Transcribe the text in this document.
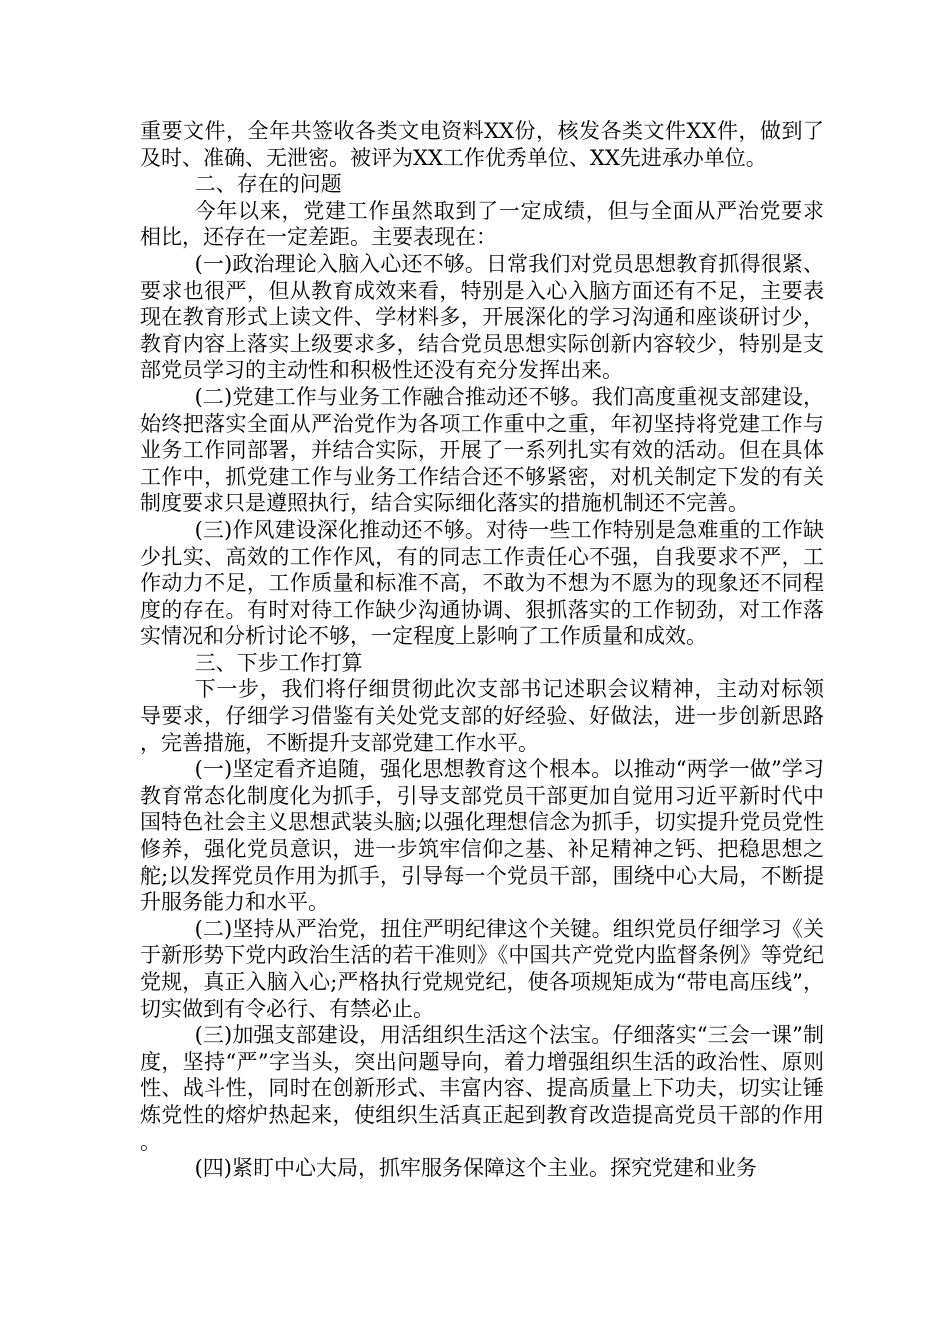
重要文件，全年共签收各类文电资料XX份，核发各类文件XX件，做到了及时、准确、无泄密。被评为XX工作优秀单位、XX先进承办单位。

二、存在的问题

今年以来，党建工作虽然取到了一定成绩，但与全面从严治党要求相比，还存在一定差距。主要表现在：

(一)政治理论入脑入心还不够。日常我们对党员思想教育抓得很紧、要求也很严，但从教育成效来看，特别是入心入脑方面还有不足，主要表现在教育形式上读文件、学材料多，开展深化的学习沟通和座谈研讨少，教育内容上落实上级要求多，结合党员思想实际创新内容较少，特别是支部党员学习的主动性和积极性还没有充分发挥出来。

(二)党建工作与业务工作融合推动还不够。我们高度重视支部建设，始终把落实全面从严治党作为各项工作重中之重，年初坚持将党建工作与业务工作同部署，并结合实际，开展了一系列扎实有效的活动。但在具体工作中，抓党建工作与业务工作结合还不够紧密，对机关制定下发的有关制度要求只是遵照执行，结合实际细化落实的措施机制还不完善。

(三)作风建设深化推动还不够。对待一些工作特别是急难重的工作缺少扎实、高效的工作作风，有的同志工作责任心不强，自我要求不严，工作动力不足，工作质量和标准不高，不敢为不想为不愿为的现象还不同程度的存在。有时对待工作缺少沟通协调、狠抓落实的工作韧劲，对工作落实情况和分析讨论不够，一定程度上影响了工作质量和成效。

三、下步工作打算

下一步，我们将仔细贯彻此次支部书记述职会议精神，主动对标领导要求，仔细学习借鉴有关处党支部的好经验、好做法，进一步创新思路，完善措施，不断提升支部党建工作水平。

(一)坚定看齐追随，强化思想教育这个根本。以推动“两学一做”学习教育常态化制度化为抓手，引导支部党员干部更加自觉用习近平新时代中国特色社会主义思想武装头脑;以强化理想信念为抓手，切实提升党员党性修养，强化党员意识，进一步筑牢信仰之基、补足精神之钙、把稳思想之舵;以发挥党员作用为抓手，引导每一个党员干部，围绕中心大局，不断提升服务能力和水平。

(二)坚持从严治党，扭住严明纪律这个关键。组织党员仔细学习《关于新形势下党内政治生活的若干准则》《中国共产党党内监督条例》等党纪党规，真正入脑入心;严格执行党规党纪，使各项规矩成为“带电高压线”，切实做到有令必行、有禁必止。

(三)加强支部建设，用活组织生活这个法宝。仔细落实“三会一课”制度，坚持“严”字当头，突出问题导向，着力增强组织生活的政治性、原则性、战斗性，同时在创新形式、丰富内容、提高质量上下功夫，切实让锤炼党性的熔炉热起来，使组织生活真正起到教育改造提高党员干部的作用。

(四)紧盯中心大局，抓牢服务保障这个主业。探究党建和业务
